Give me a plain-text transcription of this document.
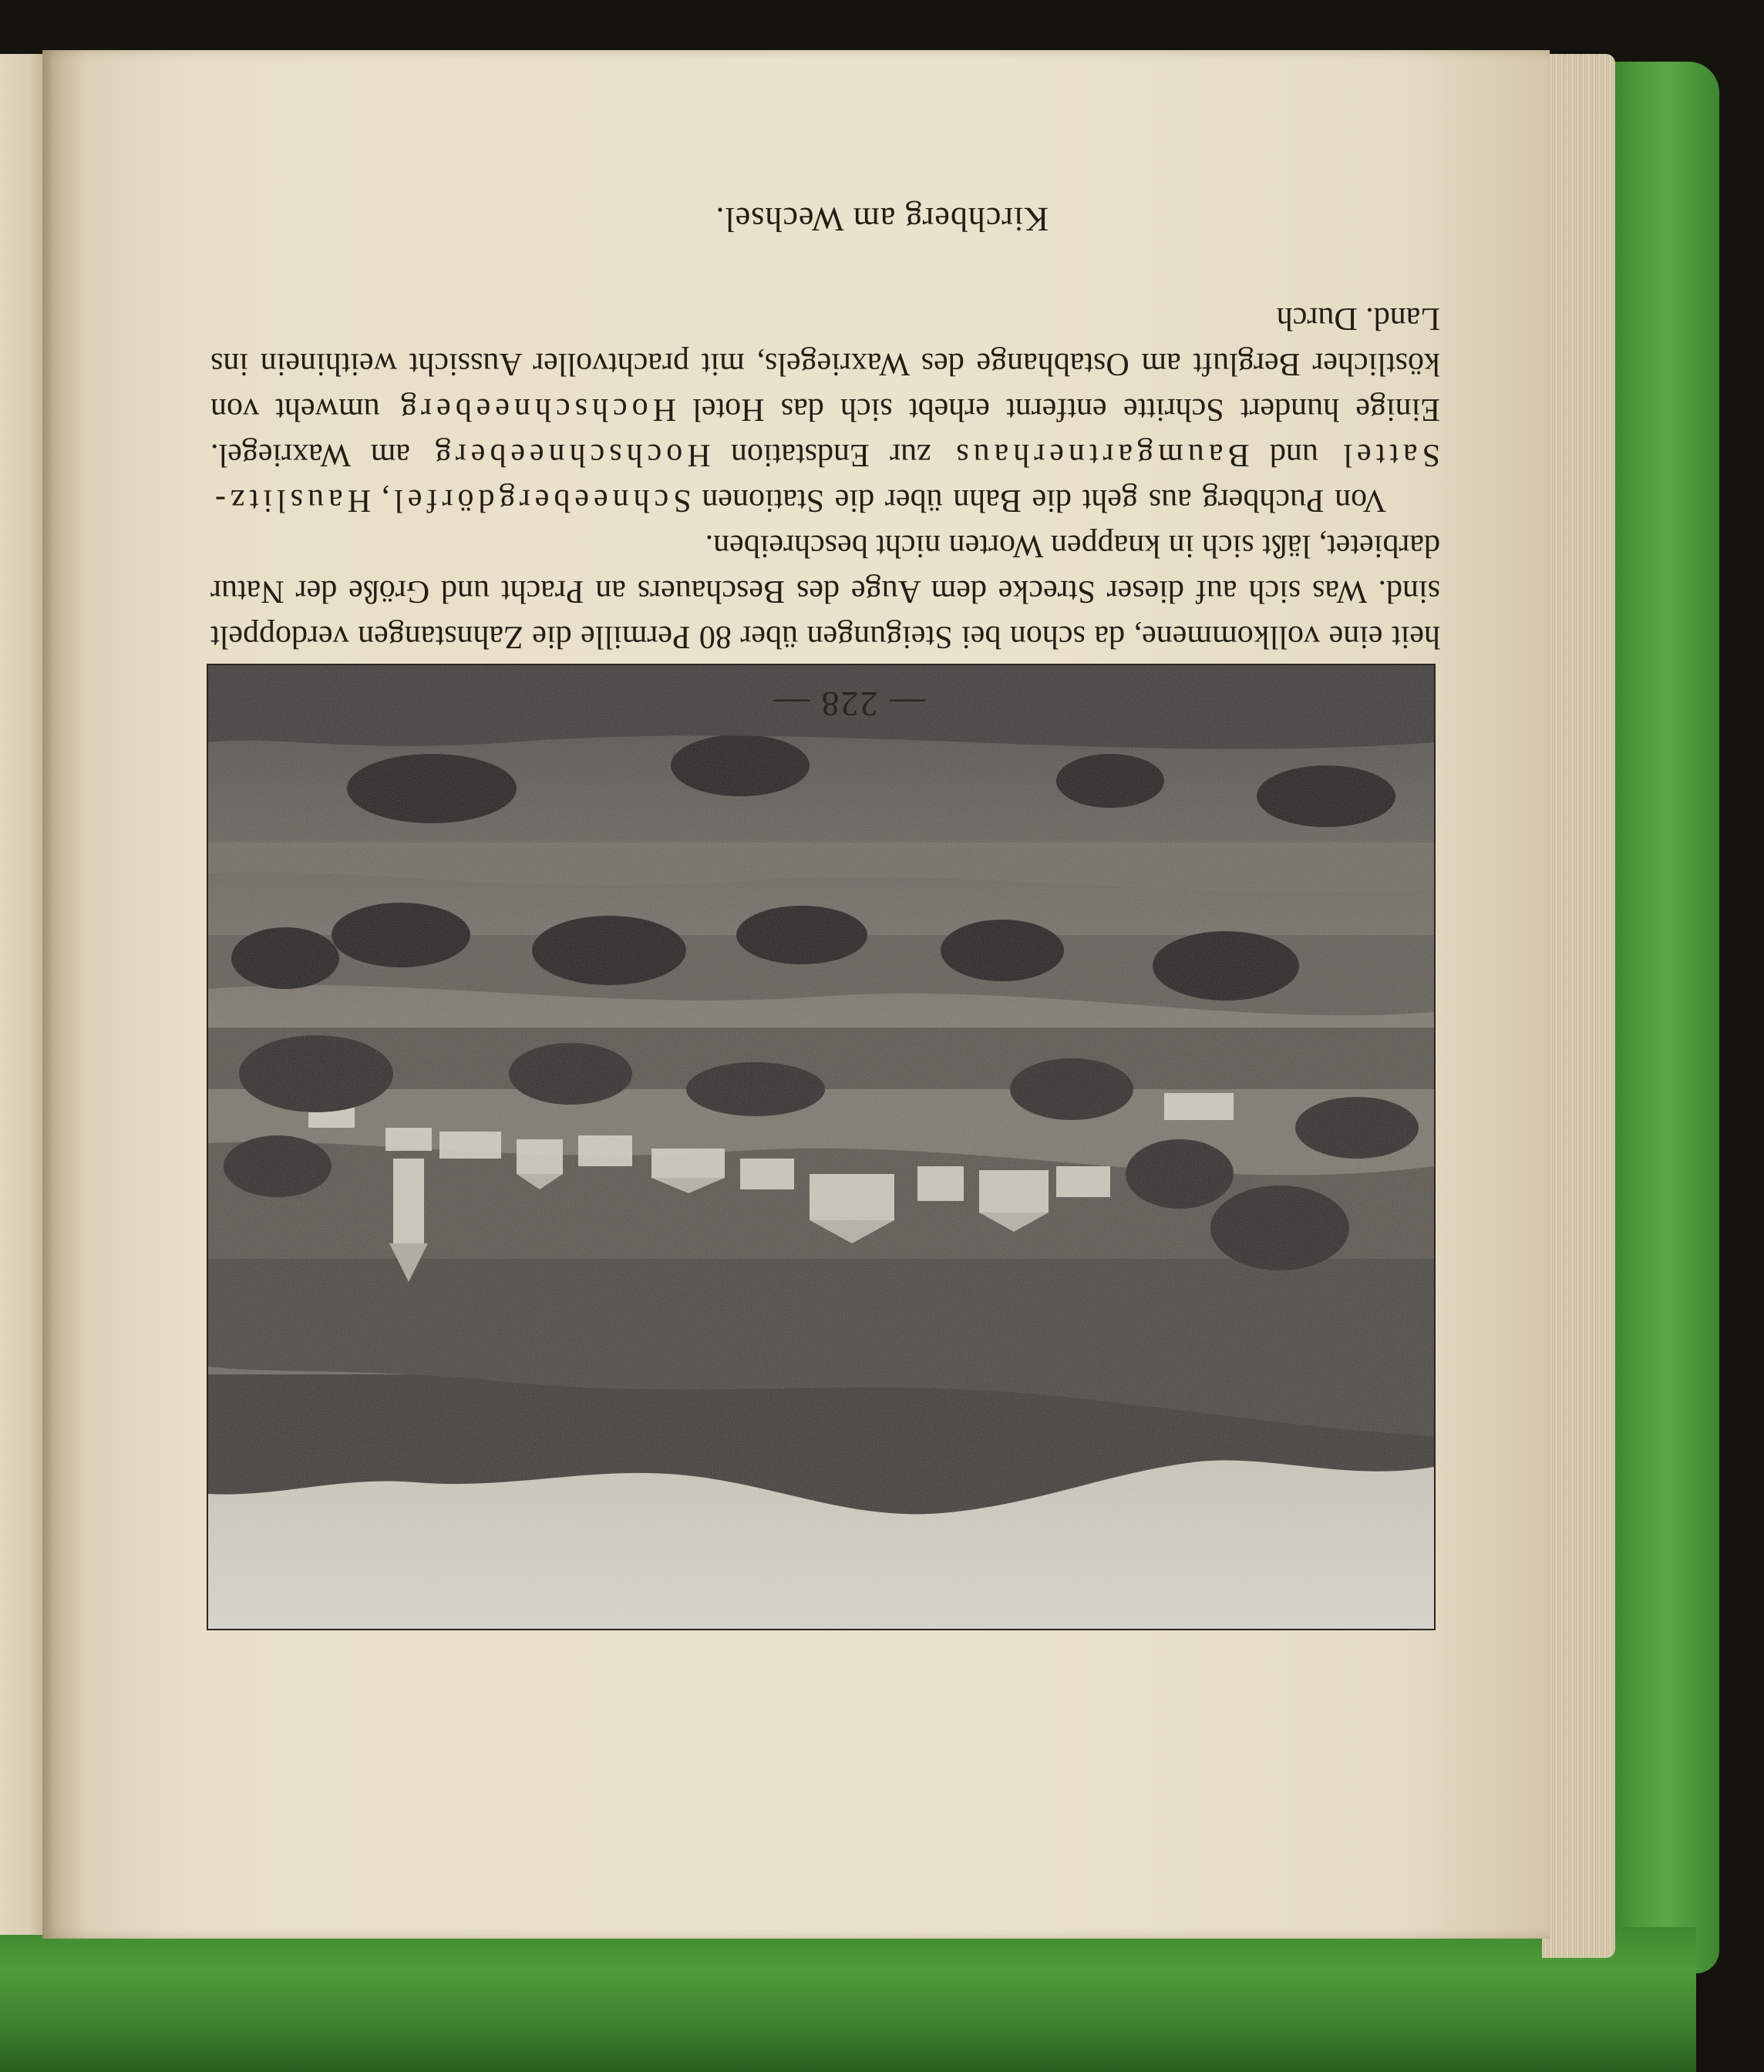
Kirchberg am Wechsel.
— 228 —

heit eine vollkommene, da schon bei Steigungen über 80 Permille die Zahnstangen verdoppelt sind. Was sich auf dieser Strecke dem Auge des Beschauers an Pracht und Größe der Natur darbietet, läßt sich in knappen Worten nicht beschreiben.

Von Puchberg aus geht die Bahn über die Stationen Schneebergdörfel, Hauslitz-Sattel und Baumgartnerhaus zur Endstation Hochschneeberg am Waxriegel. Einige hundert Schritte entfernt erhebt sich das Hotel Hochschneeberg umweht von köstlicher Bergluft am Ostabhange des Waxriegels, mit prachtvoller Aussicht weithinein ins Land. Durch
